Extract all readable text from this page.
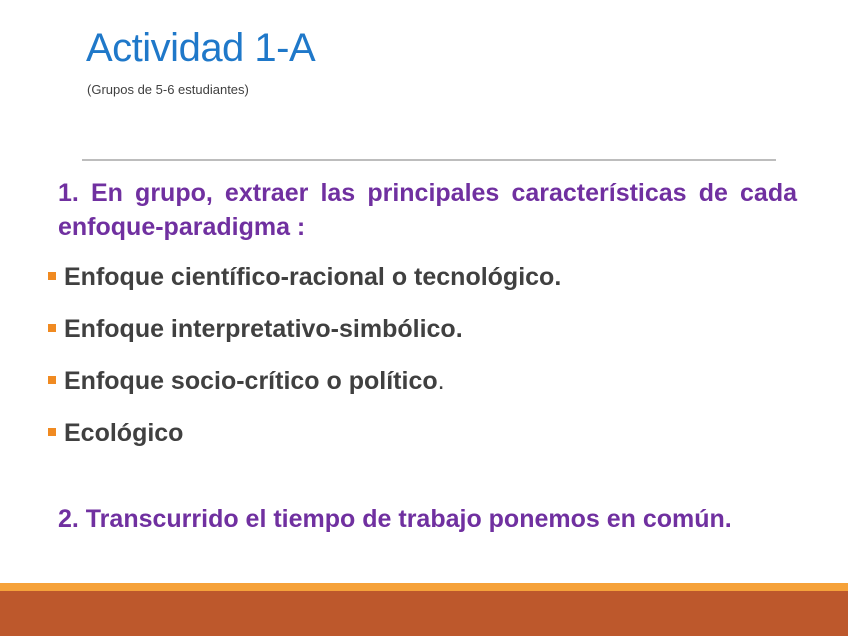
Actividad 1-A
(Grupos de 5-6 estudiantes)
1. En grupo, extraer las principales características de cada enfoque-paradigma :
Enfoque científico-racional o tecnológico.
Enfoque interpretativo-simbólico.
Enfoque socio-crítico o político.
Ecológico
2. Transcurrido el tiempo de trabajo ponemos en común.
